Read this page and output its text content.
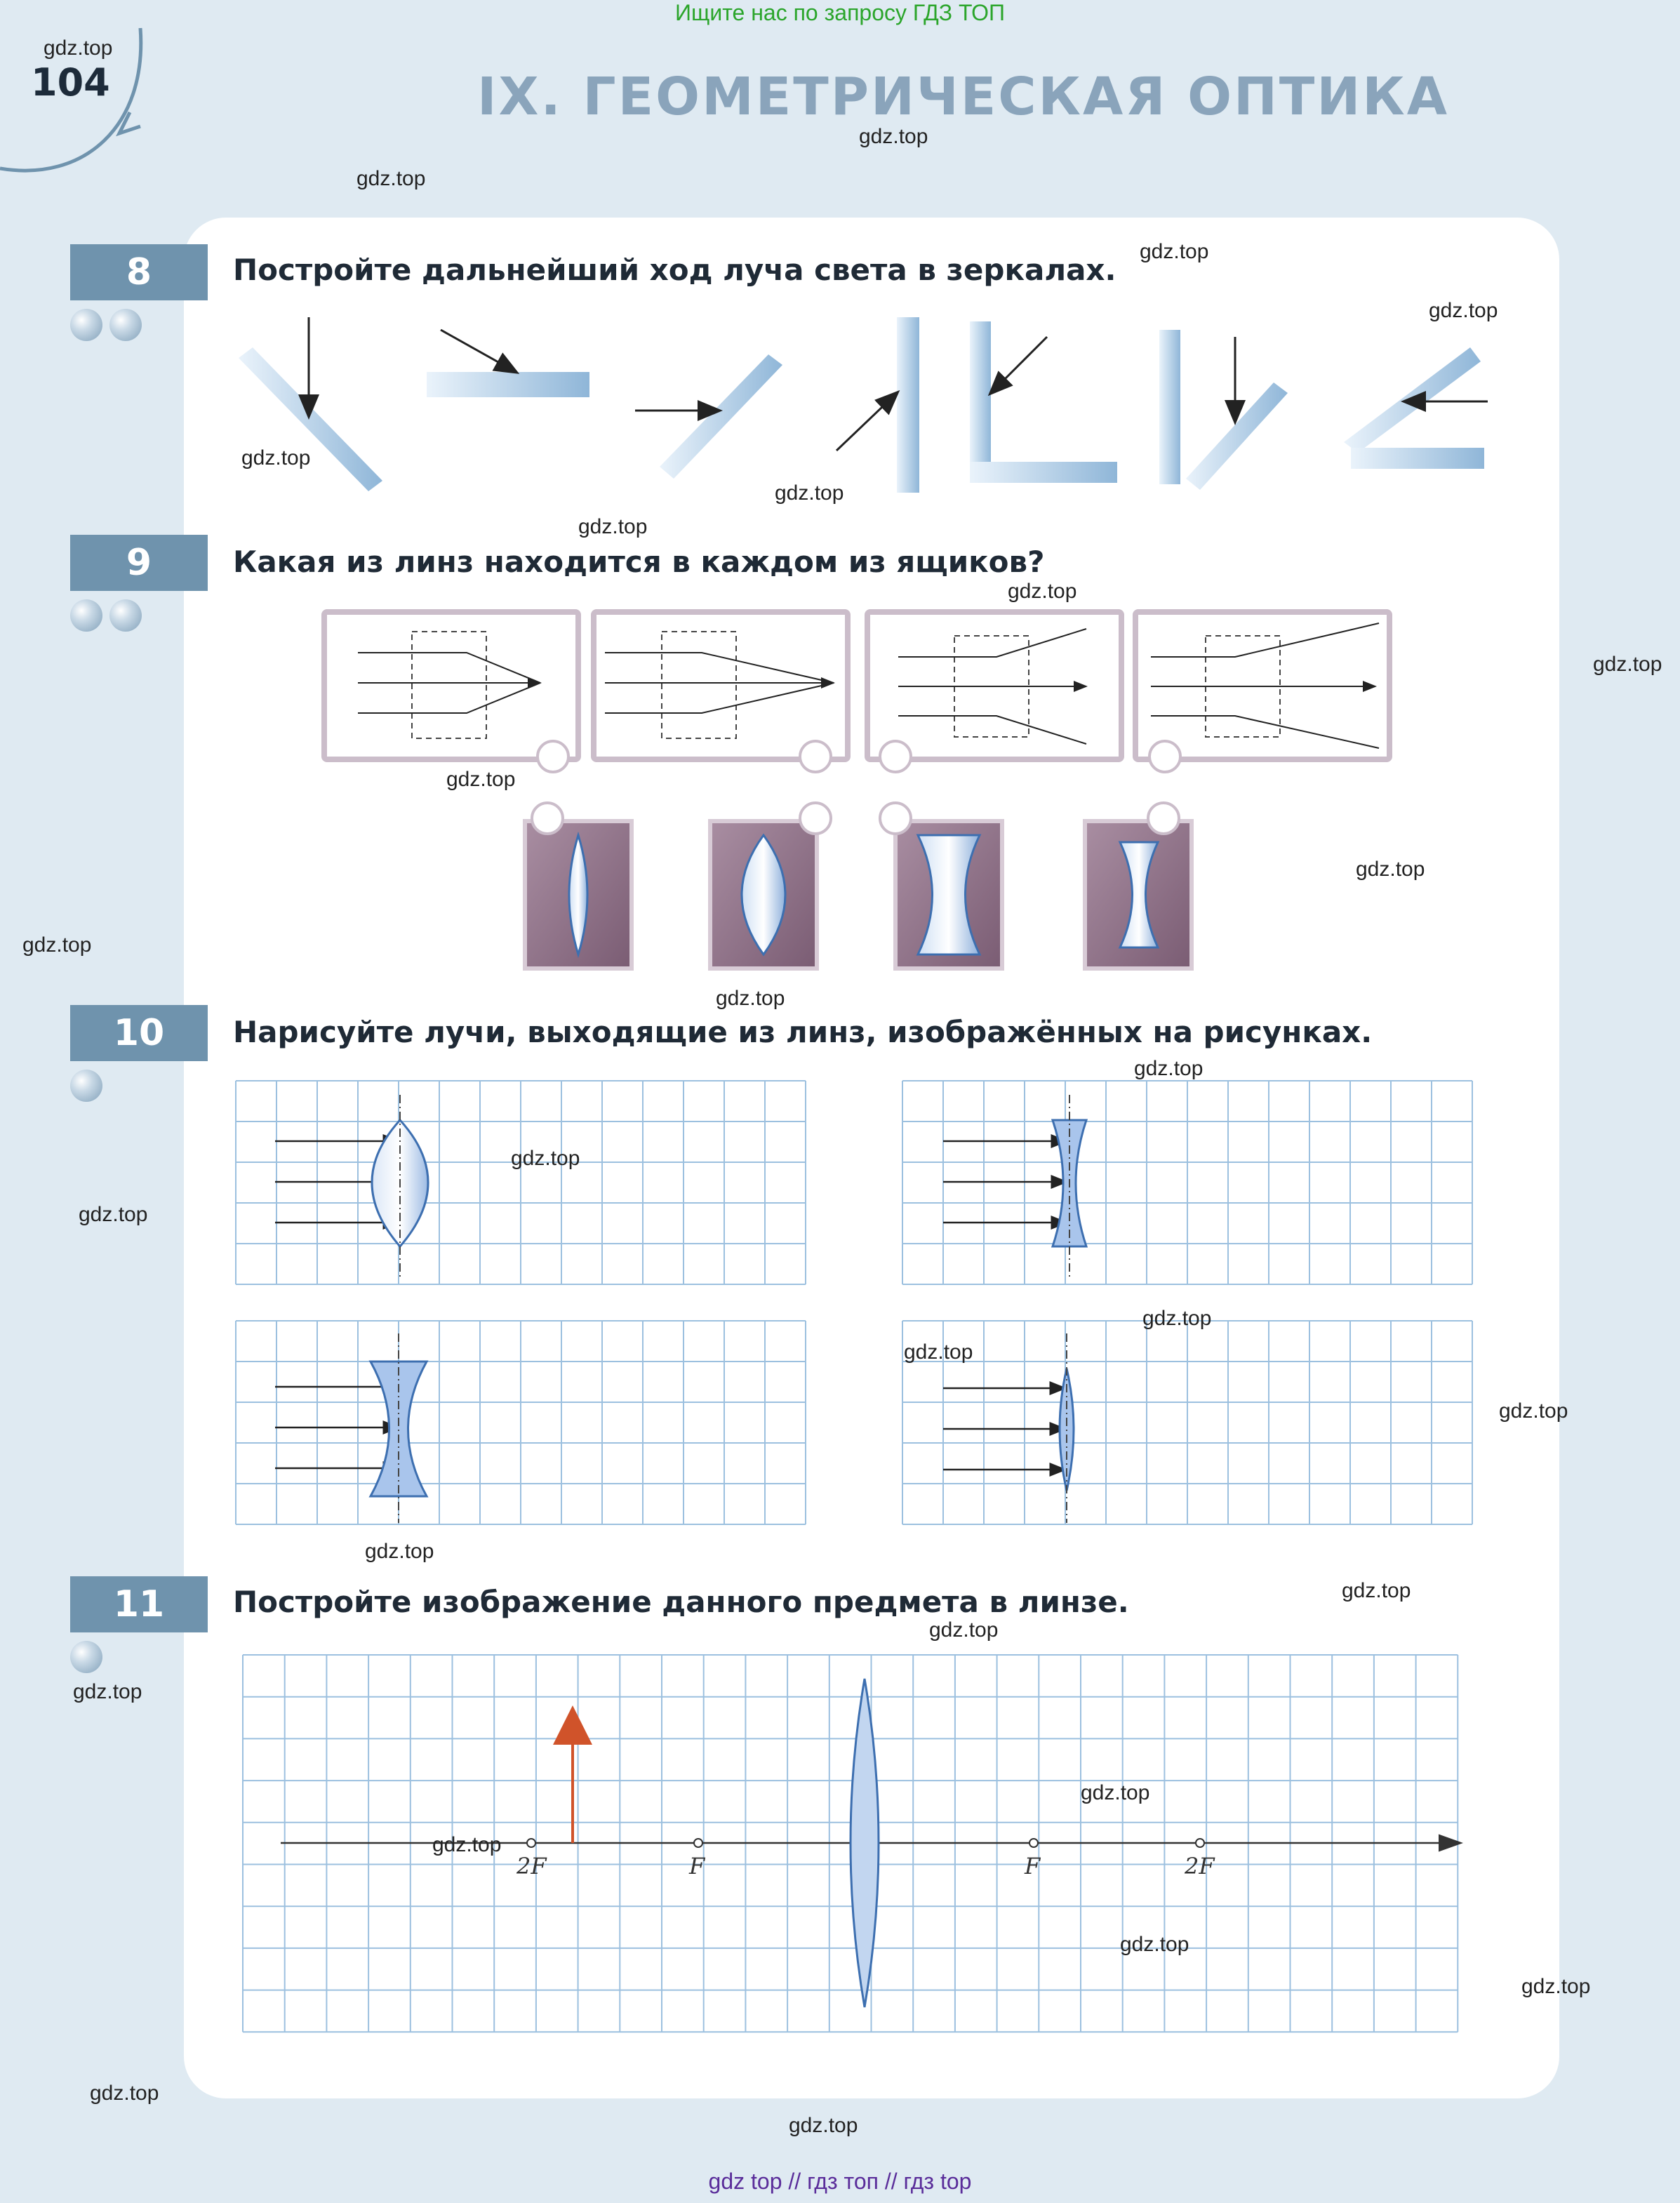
Ищите нас по запросу ГДЗ ТОП
104	IX. ГЕОМЕТРИЧЕСКАЯ ОПТИКА
8	Постройте дальнейший ход луча света в зеркалах.
9	Какая из линз находится в каждом из ящиков?
10	Нарисуйте лучи, выходящие из линз, изображённых на рисунках.
11	Постройте изображение данного предмета в линзе.
2F	F	F	2F
gdz.top
gdz.top
gdz.top
gdz.top
gdz.top
gdz.top
gdz.top
gdz.top
gdz.top
gdz.top
gdz.top
gdz.top
gdz.top
gdz.top
gdz.top
gdz.top
gdz.top
gdz.top
gdz.top
gdz.top
gdz.top
gdz.top
gdz.top
gdz.top
gdz.top
gdz.top
gdz.top
gdz.top
gdz.top
gdz.top
gdz top // гдз топ // гдз top
